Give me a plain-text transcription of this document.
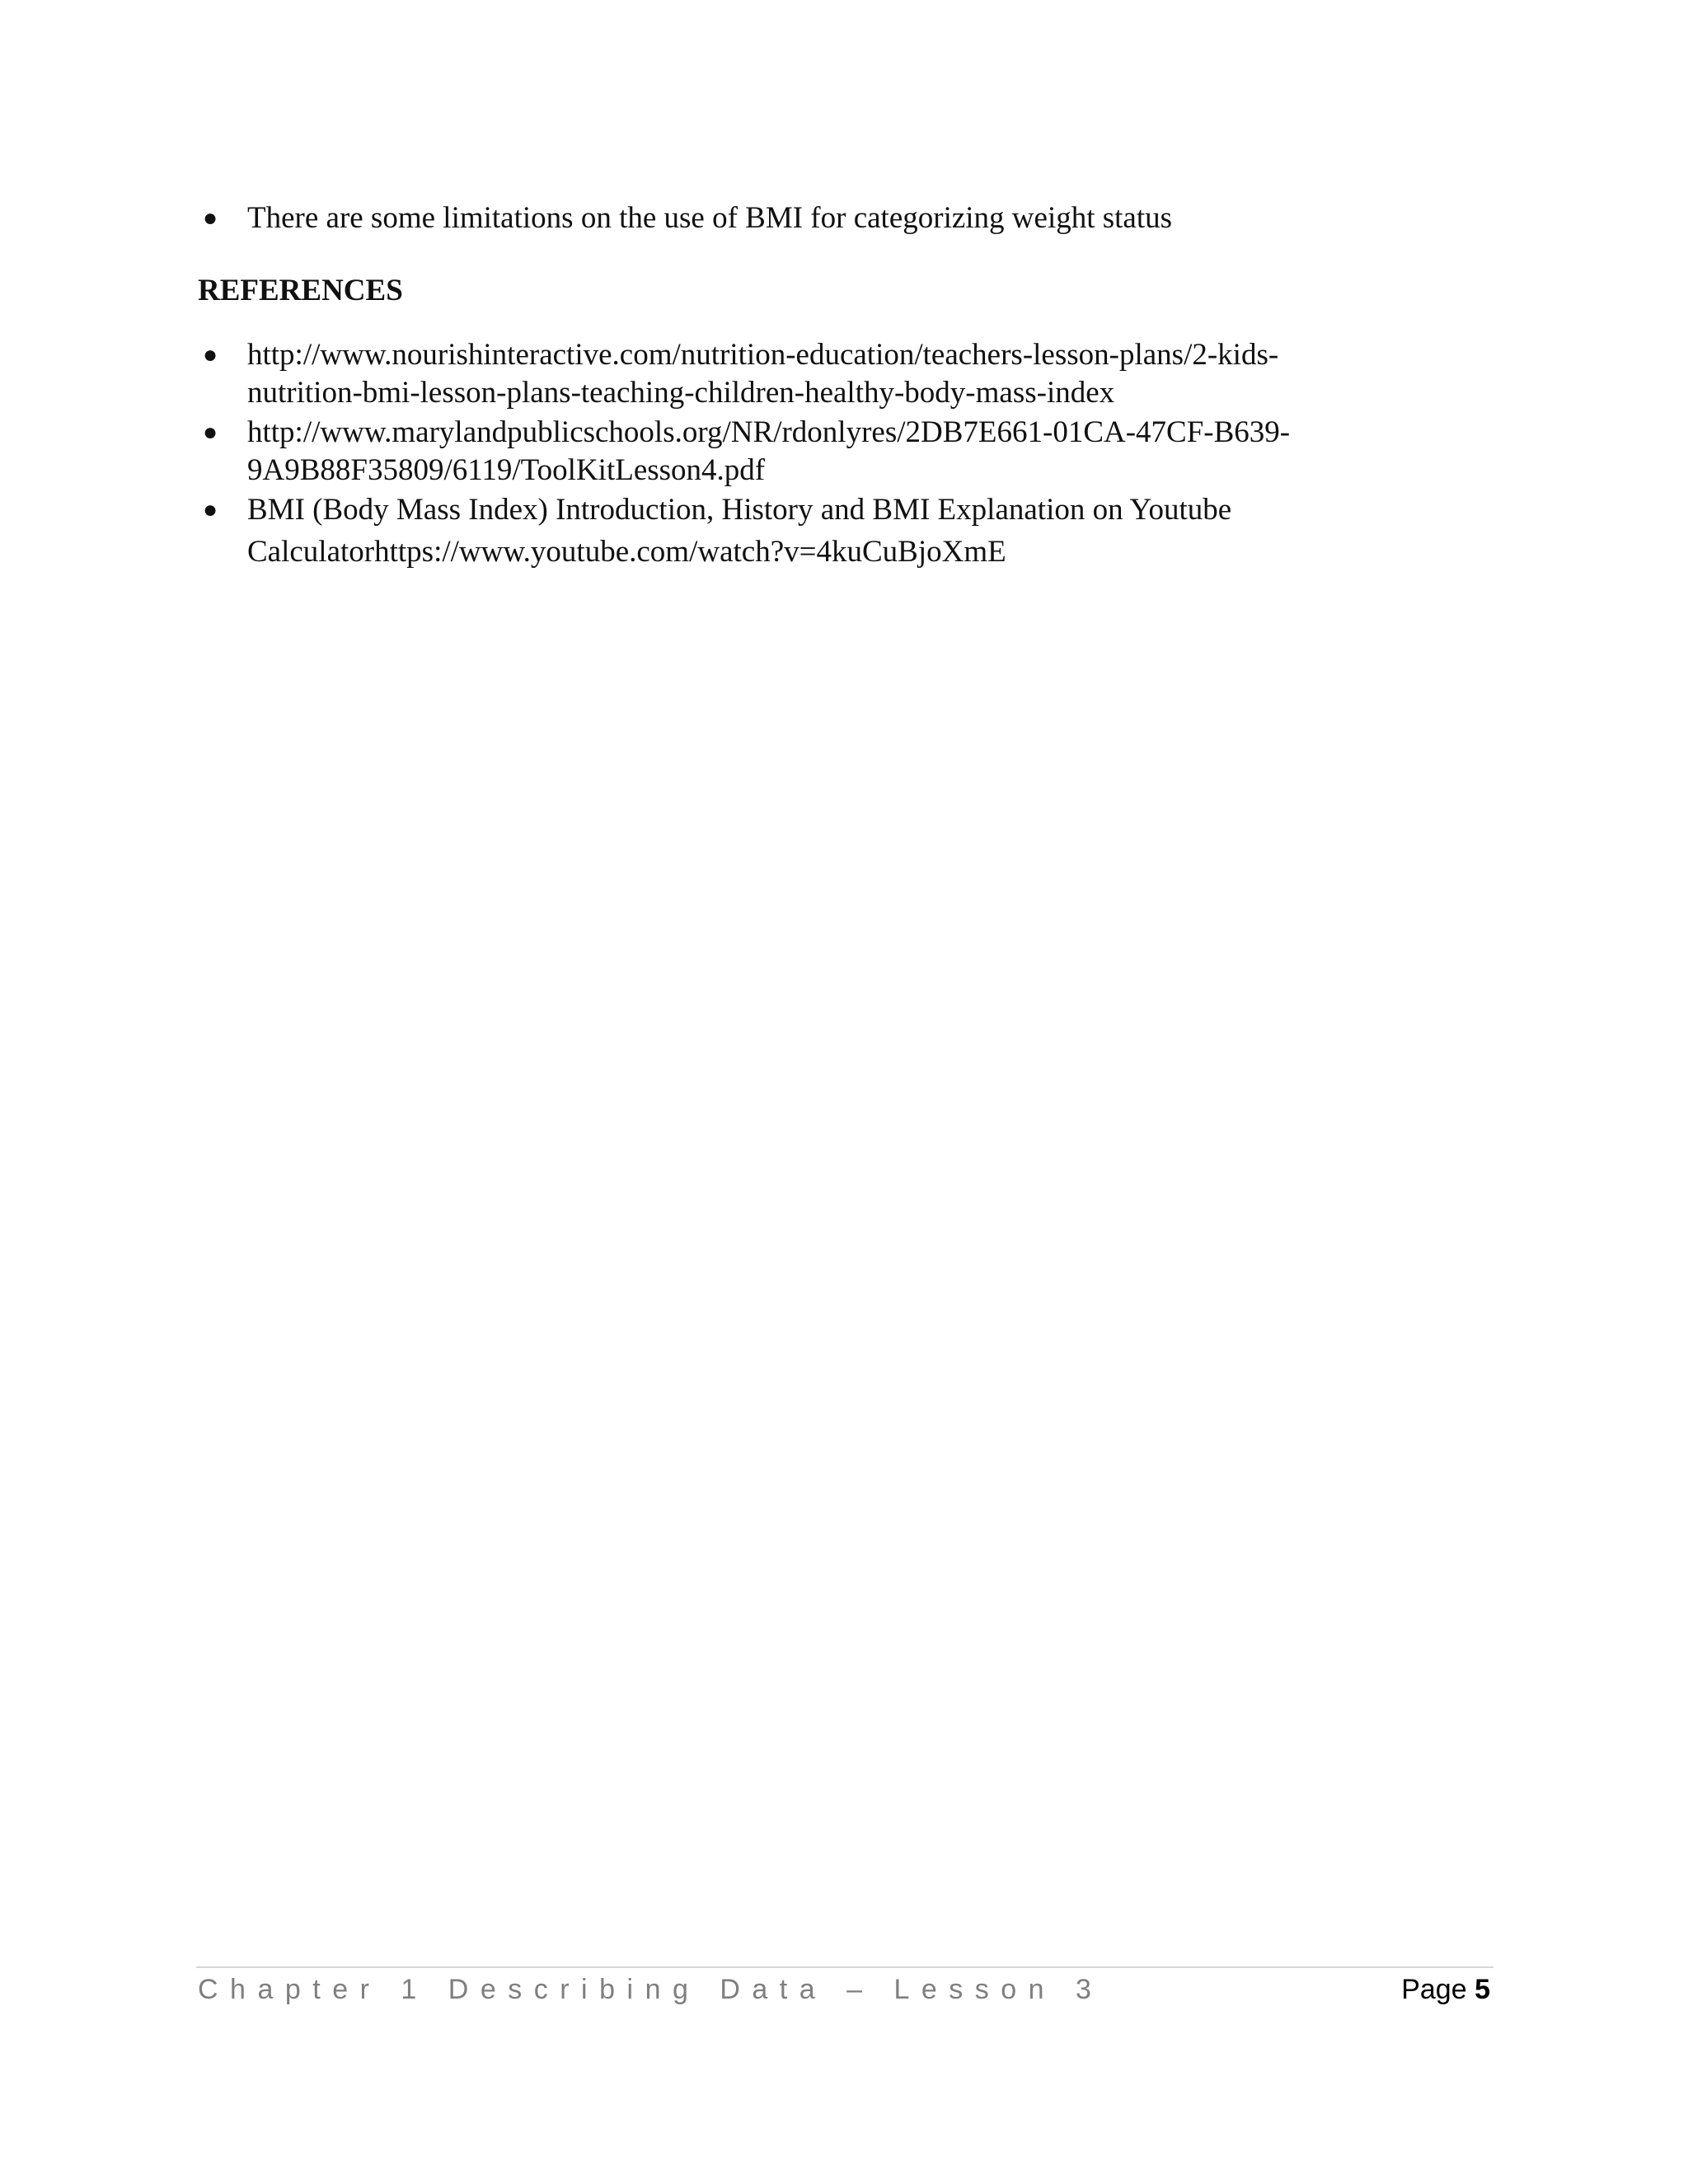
● There are some limitations on the use of BMI for categorizing weight status
REFERENCES
● http://www.nourishinteractive.com/nutrition-education/teachers-lesson-plans/2-kids-
nutrition-bmi-lesson-plans-teaching-children-healthy-body-mass-index
● http://www.marylandpublicschools.org/NR/rdonlyres/2DB7E661-01CA-47CF-B639-
9A9B88F35809/6119/ToolKitLesson4.pdf
● BMI (Body Mass Index) Introduction, History and BMI Explanation on Youtube
Calculatorhttps://www.youtube.com/watch?v=4kuCuBjoXmE
Chapter 1 Describing Data – Lesson 3	Page 5
